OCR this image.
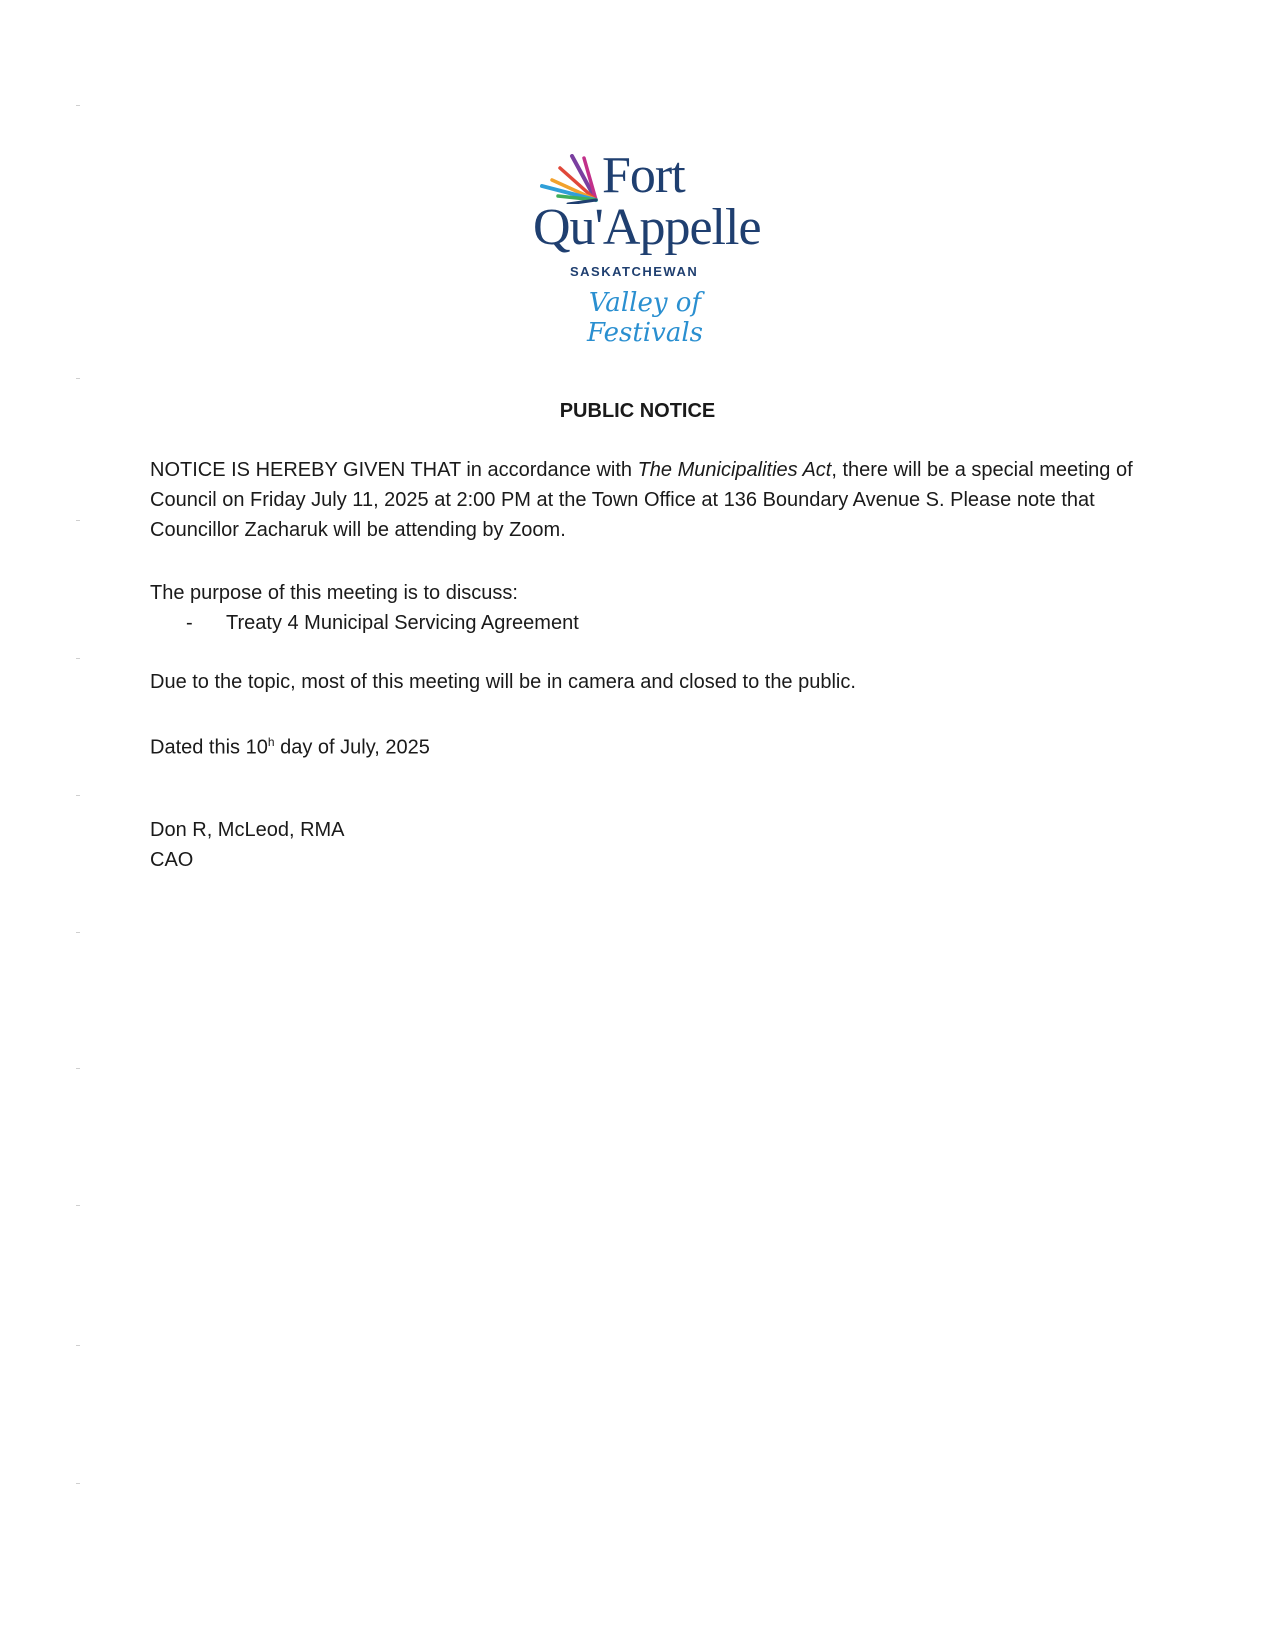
Fort
Qu'Appelle
SASKATCHEWAN
Valley of Festivals
PUBLIC NOTICE
NOTICE IS HEREBY GIVEN THAT in accordance with The Municipalities Act, there will be a special meeting of Council on Friday July 11, 2025 at 2:00 PM at the Town Office at 136 Boundary Avenue S. Please note that Councillor Zacharuk will be attending by Zoom.
The purpose of this meeting is to discuss:
- Treaty 4 Municipal Servicing Agreement
Due to the topic, most of this meeting will be in camera and closed to the public.
Dated this 10$^h$ day of July, 2025
Don R, McLeod, RMA
CAO
